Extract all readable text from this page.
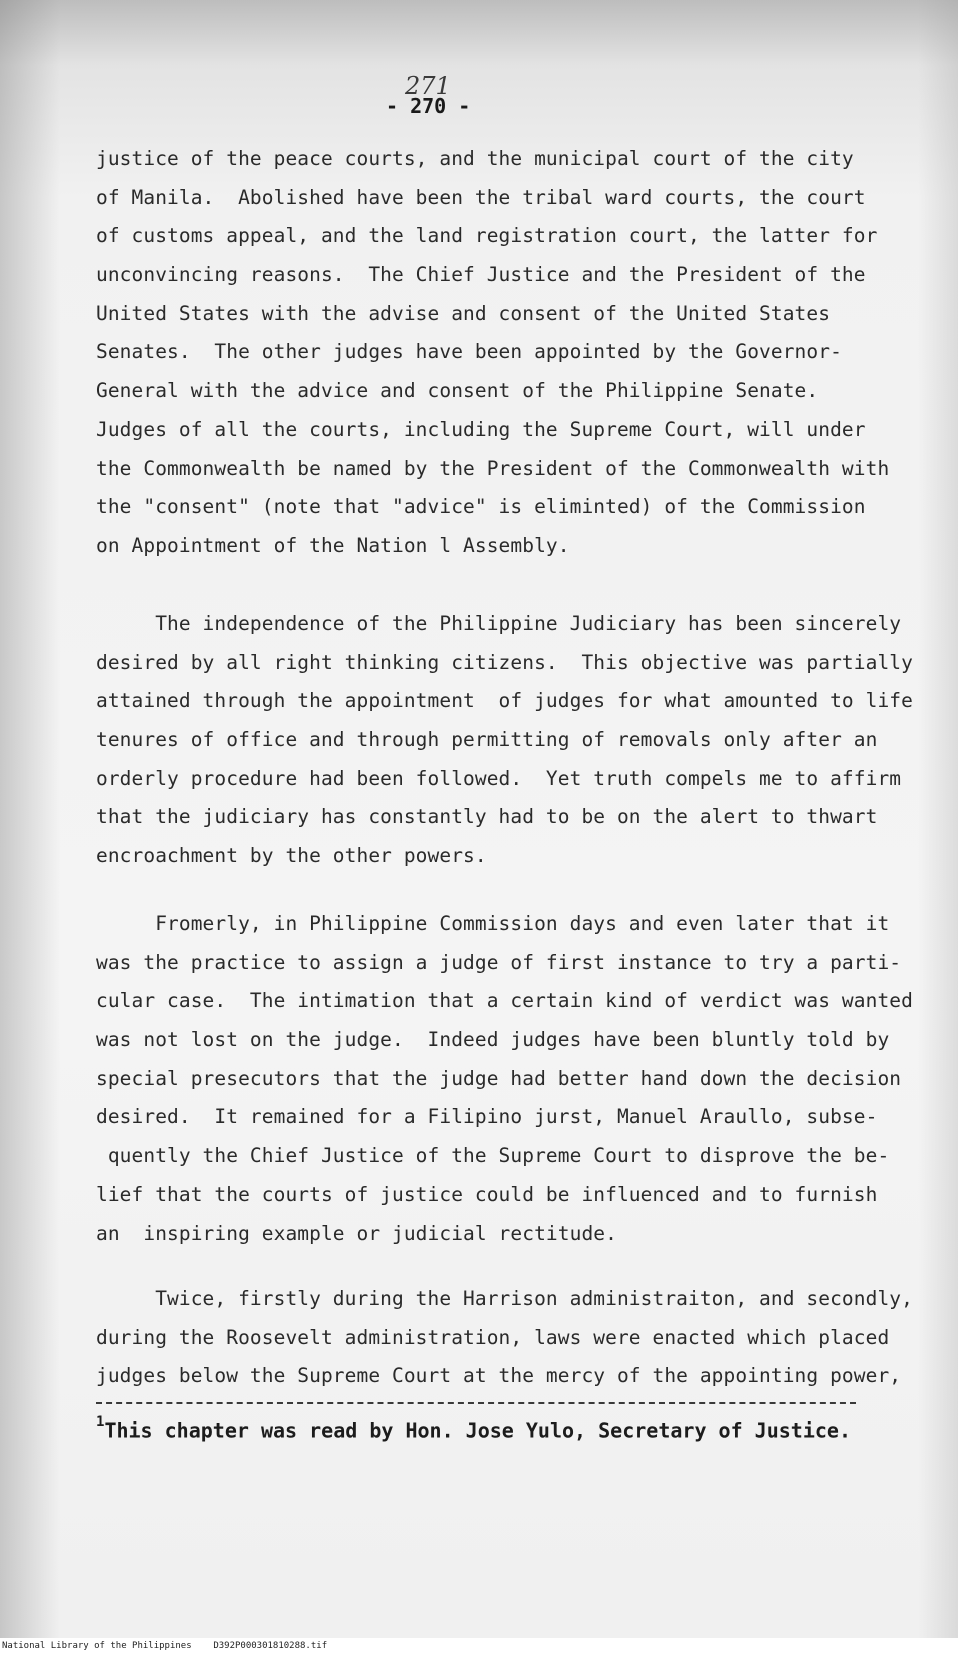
271
- 270 -
justice of the peace courts, and the municipal court of the city
of Manila.  Abolished have been the tribal ward courts, the court
of customs appeal, and the land registration court, the latter for
unconvincing reasons.  The Chief Justice and the President of the
United States with the advise and consent of the United States
Senates.  The other judges have been appointed by the Governor-
General with the advice and consent of the Philippine Senate.
Judges of all the courts, including the Supreme Court, will under
the Commonwealth be named by the President of the Commonwealth with
the "consent" (note that "advice" is eliminted) of the Commission
on Appointment of the Nation l Assembly.
The independence of the Philippine Judiciary has been sincerely
desired by all right thinking citizens.  This objective was partially
attained through the appointment  of judges for what amounted to life
tenures of office and through permitting of removals only after an
orderly procedure had been followed.  Yet truth compels me to affirm
that the judiciary has constantly had to be on the alert to thwart
encroachment by the other powers.
Fromerly, in Philippine Commission days and even later that it
was the practice to assign a judge of first instance to try a parti-
cular case.  The intimation that a certain kind of verdict was wanted
was not lost on the judge.  Indeed judges have been bluntly told by
special presecutors that the judge had better hand down the decision
desired.  It remained for a Filipino jurst, Manuel Araullo, subse-
quently the Chief Justice of the Supreme Court to disprove the be-
lief that the courts of justice could be influenced and to furnish
an  inspiring example or judicial rectitude.
Twice, firstly during the Harrison administraiton, and secondly,
during the Roosevelt administration, laws were enacted which placed
judges below the Supreme Court at the mercy of the appointing power,
$^1$This chapter was read by Hon. Jose Yulo, Secretary of Justice.
National Library of the Philippines    D392P000301810288.tif
